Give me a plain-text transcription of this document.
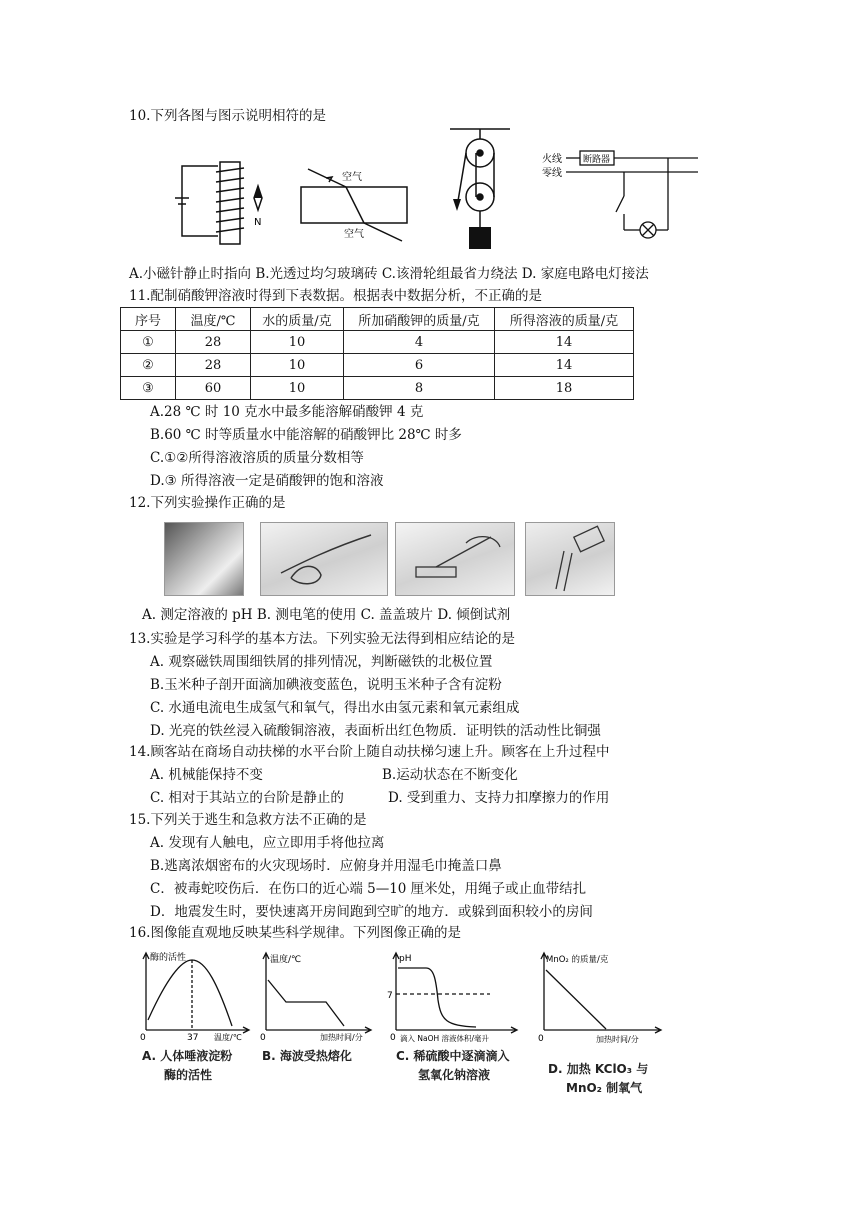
10.下列各图与图示说明相符的是
N
空气
空气
火线
零线
断路器
A.小磁针静止时指向 B.光透过均匀玻璃砖 C.该滑轮组最省力绕法 D. 家庭电路电灯接法
11.配制硝酸钾溶液时得到下表数据。根据表中数据分析，不正确的是
序号	温度/℃	水的质量/克	所加硝酸钾的质量/克	所得溶液的质量/克
①	28	10	4	14
②	28	10	6	14
③	60	10	8	18
A.28 ℃ 时 10 克水中最多能溶解硝酸钾 4 克
B.60 ℃ 时等质量水中能溶解的硝酸钾比 28℃ 时多
C.①②所得溶液溶质的质量分数相等
D.③ 所得溶液一定是硝酸钾的饱和溶液
12.下列实验操作正确的是
A. 测定溶液的 pH B. 测电笔的使用 C. 盖盖玻片 D. 倾倒试剂
13.实验是学习科学的基本方法。下列实验无法得到相应结论的是
A. 观察磁铁周围细铁屑的排列情况，判断磁铁的北极位置
B.玉米种子剖开面滴加碘液变蓝色，说明玉米种子含有淀粉
C. 水通电流电生成氢气和氧气，得出水由氢元素和氧元素组成
D. 光亮的铁丝浸入硫酸铜溶液，表面析出红色物质．证明铁的活动性比铜强
14.顾客站在商场自动扶梯的水平台阶上随自动扶梯匀速上升。顾客在上升过程中
A. 机械能保持不变	B.运动状态在不断变化
C. 相对于其站立的台阶是静止的	D. 受到重力、支持力扣摩擦力的作用
15.下列关于逃生和急救方法不正确的是
A. 发现有人触电，应立即用手将他拉离
B.逃离浓烟密布的火灾现场时．应俯身并用湿毛巾掩盖口鼻
C．被毒蛇咬伤后．在伤口的近心端 5—10 厘米处，用绳子或止血带结扎
D．地震发生时，要快速离开房间跑到空旷的地方．或躲到面积较小的房间
16.图像能直观地反映某些科学规律。下列图像正确的是
酶的活性
0	37 温度/℃
A. 人体唾液淀粉
酶的活性
温度/℃
0	加热时间/分
B. 海波受热熔化
pH
7
0 滴入 NaOH 溶液体积/毫升
C. 稀硫酸中逐滴滴入
氢氧化钠溶液
MnO₂ 的质量/克
0	加热时间/分
D. 加热 KClO₃ 与
MnO₂ 制氧气
